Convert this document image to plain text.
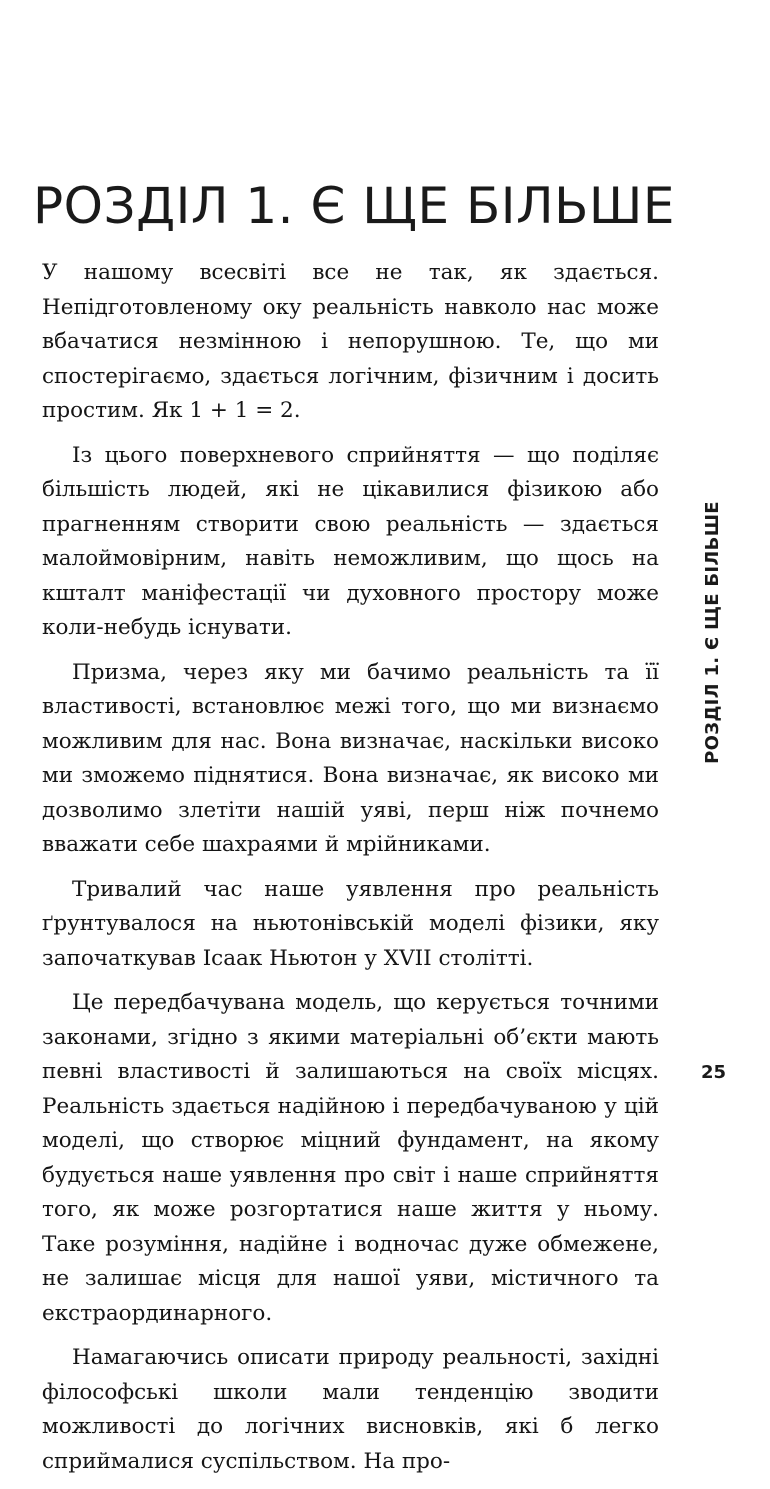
РОЗДІЛ 1. Є ЩЕ БІЛЬШЕ

У нашому всесвіті все не так, як здається. Непідготовленому оку реальність навколо нас може вбачатися незмінною і непорушною. Те, що ми спостерігаємо, здається логічним, фізичним і досить простим. Як 1 + 1 = 2.

Із цього поверхневого сприйняття — що поділяє більшість людей, які не цікавилися фізикою або прагненням створити свою реальність — здається малоймовірним, навіть неможливим, що щось на кшталт маніфестації чи духовного простору може коли-небудь існувати.

Призма, через яку ми бачимо реальність та її властивості, встановлює межі того, що ми визнаємо можливим для нас. Вона визначає, наскільки високо ми зможемо піднятися. Вона визначає, як високо ми дозволимо злетіти нашій уяві, перш ніж почнемо вважати себе шахраями й мрійниками.

Тривалий час наше уявлення про реальність ґрунтувалося на ньютонівській моделі фізики, яку започаткував Ісаак Ньютон у XVII столітті.

Це передбачувана модель, що керується точними законами, згідно з якими матеріальні об’єкти мають певні властивості й залишаються на своїх місцях. Реальність здається надійною і передбачуваною у цій моделі, що створює міцний фундамент, на якому будується наше уявлення про світ і наше сприйняття того, як може розгортатися наше життя у ньому. Таке розуміння, надійне і водночас дуже обмежене, не залишає місця для нашої уяви, містичного та екстраординарного.

Намагаючись описати природу реальності, західні філософські школи мали тенденцію зводити можливості до логічних висновків, які б легко сприймалися суспільством. На про-

РОЗДІЛ 1. Є ЩЕ БІЛЬШЕ
25
